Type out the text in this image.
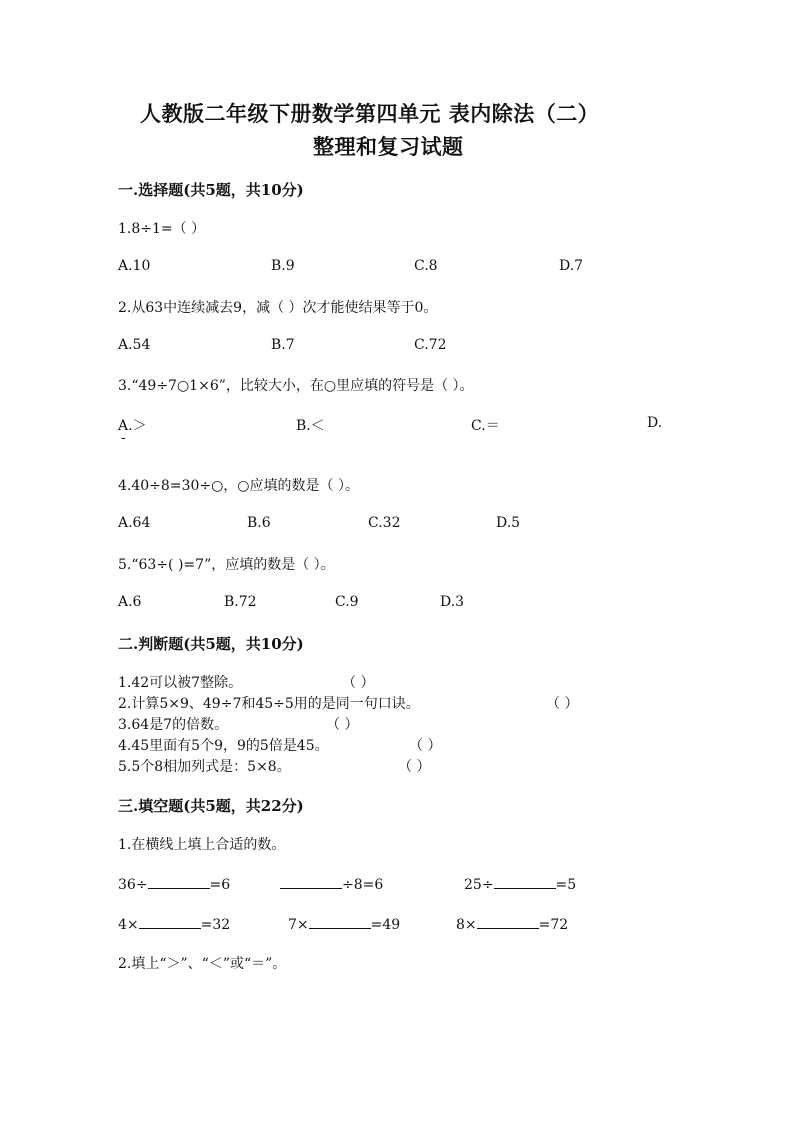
人教版二年级下册数学第四单元 表内除法（二）
整理和复习试题
一.选择题(共5题，共10分)
1.8÷1=（ ）
A.10	B.9	C.8	D.7
2.从63中连续减去9，减（ ）次才能使结果等于0。
A.54	B.7	C.72
3.“49÷7○1×6”，比较大小，在○里应填的符号是（ ）。
A.＞	B.＜	C.＝	D.
-
4.40÷8=30÷○，○应填的数是（ ）。
A.64	B.6	C.32	D.5
5.“63÷( )=7”，应填的数是（ ）。
A.6	B.72	C.9	D.3
二.判断题(共5题，共10分)
1.42可以被7整除。	（ ）
2.计算5×9、49÷7和45÷5用的是同一句口诀。	（ ）
3.64是7的倍数。	（ ）
4.45里面有5个9，9的5倍是45。	（ ）
5.5个8相加列式是：5×8。	（ ）
三.填空题(共5题，共22分)
1.在横线上填上合适的数。
36÷	=6	÷8=6	25÷	=5
4×	=32	7×	=49	8×	=72
2.填上“＞”、“＜”或“＝”。
